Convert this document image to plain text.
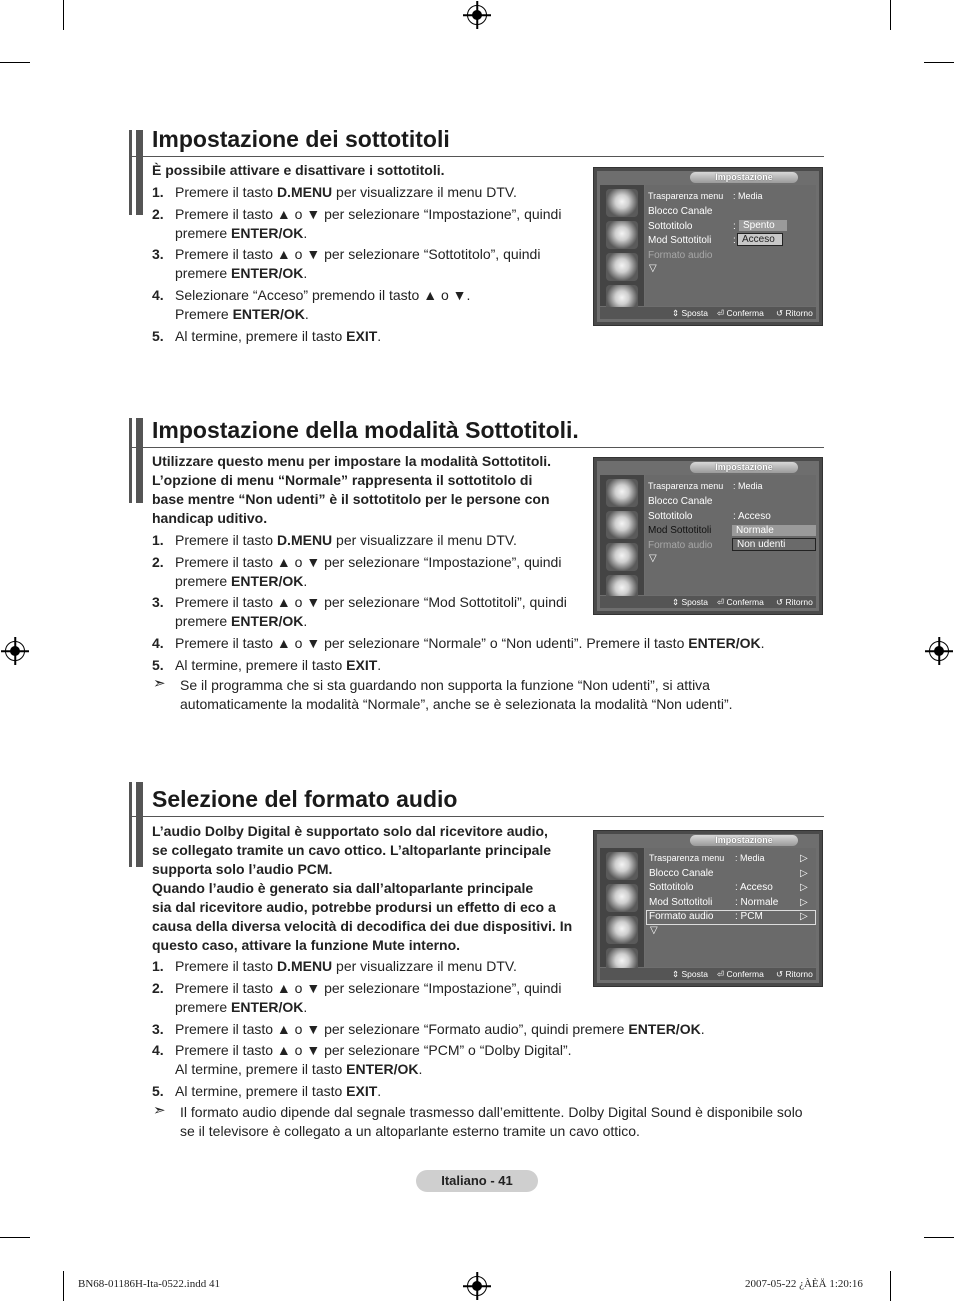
Impostazione dei sottotitoli
È possibile attivare e disattivare i sottotitoli.
1. Premere il tasto D.MENU per visualizzare il menu DTV.
2. Premere il tasto ▲ o ▼ per selezionare “Impostazione”, quindi
premere ENTER/OK.
3. Premere il tasto ▲ o ▼ per selezionare “Sottotitolo”, quindi
premere ENTER/OK.
4. Selezionare “Acceso” premendo il tasto ▲ o ▼.
Premere ENTER/OK.
5. Al termine, premere il tasto EXIT.
Impostazione
Trasparenza menu : Media
Blocco Canale
Sottotitolo	:
Mod Sottotitoli :
Formato audio
▽
Spento
Acceso
⇕ Sposta ⏎ Conferma ↺ Ritorno
Impostazione della modalità Sottotitoli.
Utilizzare questo menu per impostare la modalità Sottotitoli.
L’opzione di menu “Normale” rappresenta il sottotitolo di
base mentre “Non udenti” è il sottotitolo per le persone con
handicap uditivo.
1. Premere il tasto D.MENU per visualizzare il menu DTV.
2. Premere il tasto ▲ o ▼ per selezionare “Impostazione”, quindi
premere ENTER/OK.
3. Premere il tasto ▲ o ▼ per selezionare “Mod Sottotitoli”, quindi
premere ENTER/OK.
4. Premere il tasto ▲ o ▼ per selezionare “Normale” o “Non udenti”. Premere il tasto ENTER/OK.
5. Al termine, premere il tasto EXIT.
➣ Se il programma che si sta guardando non supporta la funzione “Non udenti”, si attiva
automaticamente la modalità “Normale”, anche se è selezionata la modalità “Non udenti”.
Impostazione
Trasparenza menu : Media
Blocco Canale
Sottotitolo	: Acceso
Mod Sottotitoli
Formato audio
▽
Normale
Non udenti
⇕ Sposta ⏎ Conferma ↺ Ritorno
Selezione del formato audio
L’audio Dolby Digital è supportato solo dal ricevitore audio,
se collegato tramite un cavo ottico. L’altoparlante principale
supporta solo l’audio PCM.
Quando l’audio è generato sia dall’altoparlante principale
sia dal ricevitore audio, potrebbe prodursi un effetto di eco a
causa della diversa velocità di decodifica dei due dispositivi. In
questo caso, attivare la funzione Mute interno.
1. Premere il tasto D.MENU per visualizzare il menu DTV.
2. Premere il tasto ▲ o ▼ per selezionare “Impostazione”, quindi
premere ENTER/OK.
3. Premere il tasto ▲ o ▼ per selezionare “Formato audio”, quindi premere ENTER/OK.
4. Premere il tasto ▲ o ▼ per selezionare “PCM” o “Dolby Digital”.
Al termine, premere il tasto ENTER/OK.
5. Al termine, premere il tasto EXIT.
➣ Il formato audio dipende dal segnale trasmesso dall’emittente. Dolby Digital Sound è disponibile solo
se il televisore è collegato a un altoparlante esterno tramite un cavo ottico.
Impostazione
Trasparenza menu : Media
Blocco Canale
Sottotitolo	: Acceso
Mod Sottotitoli : Normale
Formato audio : PCM
▽
▷
▷
▷
▷
▷
⇕ Sposta ⏎ Conferma ↺ Ritorno
Italiano - 41
BN68-01186H-Ita-0522.indd 41	2007-05-22 ¿ÀÈÄ 1:20:16
